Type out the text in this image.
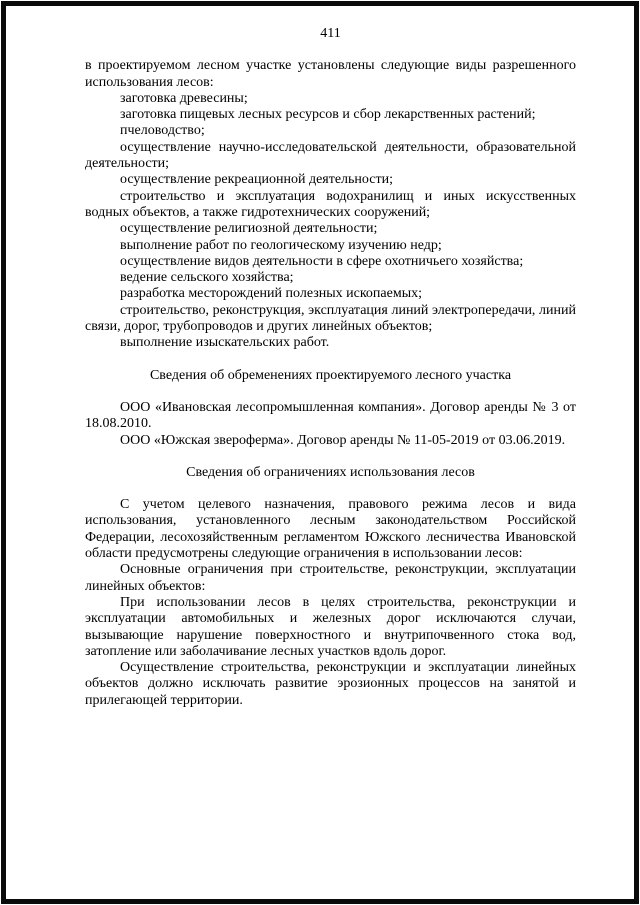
411

в проектируемом лесном участке установлены следующие виды разрешенного использования лесов:

заготовка древесины;

заготовка пищевых лесных ресурсов и сбор лекарственных растений;

пчеловодство;

осуществление научно-исследовательской деятельности, образовательной деятельности;

осуществление рекреационной деятельности;

строительство и эксплуатация водохранилищ и иных искусственных водных объектов, а также гидротехнических сооружений;

осуществление религиозной деятельности;

выполнение работ по геологическому изучению недр;

осуществление видов деятельности в сфере охотничьего хозяйства;

ведение сельского хозяйства;

разработка месторождений полезных ископаемых;

строительство, реконструкция, эксплуатация линий электропередачи, линий связи, дорог, трубопроводов и других линейных объектов;

выполнение изыскательских работ.

Сведения об обременениях проектируемого лесного участка

ООО «Ивановская лесопромышленная компания». Договор аренды № 3 от 18.08.2010.

ООО «Южская звероферма». Договор аренды № 11-05-2019 от 03.06.2019.

Сведения об ограничениях использования лесов

С учетом целевого назначения, правового режима лесов и вида использования, установленного лесным законодательством Российской Федерации, лесохозяйственным регламентом Южского лесничества Ивановской области предусмотрены следующие ограничения в использовании лесов:

Основные ограничения при строительстве, реконструкции, эксплуатации линейных объектов:

При использовании лесов в целях строительства, реконструкции и эксплуатации автомобильных и железных дорог исключаются случаи, вызывающие нарушение поверхностного и внутрипочвенного стока вод, затопление или заболачивание лесных участков вдоль дорог.

Осуществление строительства, реконструкции и эксплуатации линейных объектов должно исключать развитие эрозионных процессов на занятой и прилегающей территории.
